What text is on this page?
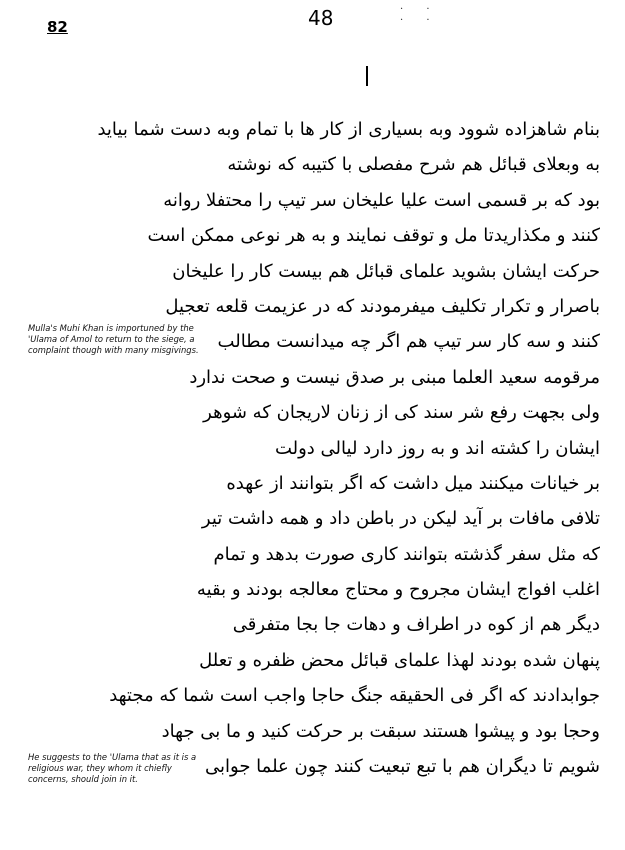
· · · ·
82	48
بنام شاهزاده شوود وبه بسیاری از کار ها با تمام وبه دست شما بیاید
به وبعلای قبائل هم شرح مفصلی با کتیبه که نوشته
بود که بر قسمی است علیا علیخان سر تیپ را محتفلا روانه
کنند و مکذاریدتا مل و توقف نمایند و به هر نوعی ممکن است
حرکت ایشان بشوید علمای قبائل هم بیست کار را علیخان
باصرار و تکرار تکلیف میفرمودند که در عزیمت قلعه تعجیل
کنند و سه کار سر تیپ هم اگر چه میدانست مطالب
مرقومه سعید العلما مبنی بر صدق نیست و صحت ندارد
ولی بجهت رفع شر سند کی از زنان لاریجان که شوهر
ایشان را کشته اند و به روز دارد لیالی دولت
بر خیانات میکنند میل داشت که اگر بتوانند از عهده
تلافی مافات بر آید لیکن در باطن داد و همه داشت تیر
که مثل سفر گذشته بتوانند کاری صورت بدهد و تمام
اغلب افواج ایشان مجروح و محتاج معالجه بودند و بقیه
دیگر هم از کوه در اطراف و دهات جا بجا متفرقی
پنهان شده بودند لهذا علمای قبائل محض ظفره و تعلل
جوابدادند که اگر فی الحقیقه جنگ حاجا واجب است شما که مجتهد
وحجا بود و پیشوا هستند سبقت بر حرکت کنید و ما بی جهاد
شویم تا دیگران هم با تبع تبعیت کنند چون علما جوابی
Mulla's Muhi Khan is importuned by the 'Ulama of Amol to return to the siege, a complaint though with many misgivings.
He suggests to the 'Ulama that as it is a religious war, they whom it chiefly concerns, should join in it.
